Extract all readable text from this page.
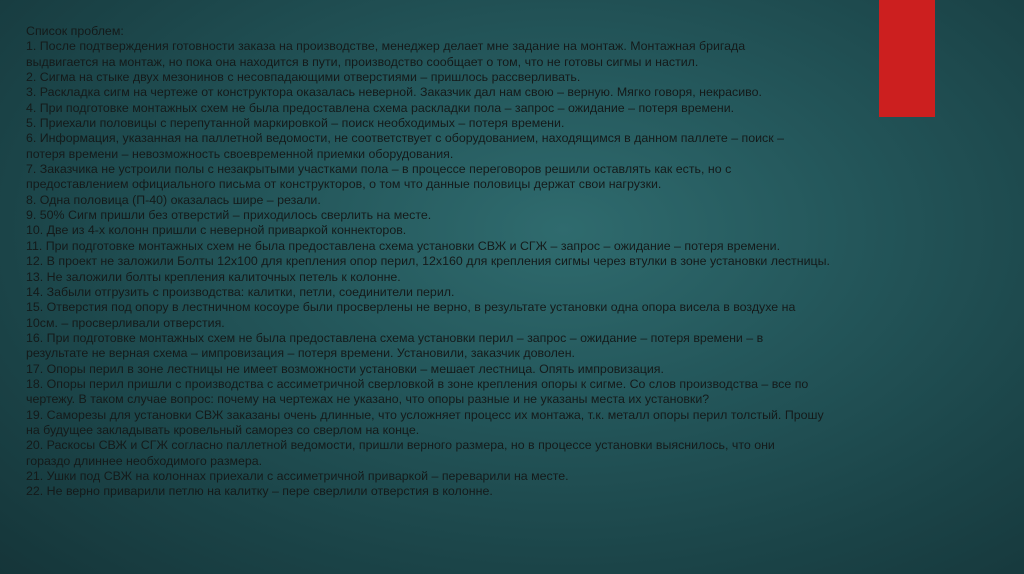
Список проблем:
1. После подтверждения готовности заказа на производстве, менеджер делает мне задание на монтаж. Монтажная бригада
выдвигается на монтаж, но пока она находится в пути, производство сообщает о том, что не готовы сигмы и настил.
2. Сигма на стыке двух мезонинов с несовпадающими отверстиями – пришлось рассверливать.
3. Раскладка сигм на чертеже от конструктора оказалась неверной. Заказчик дал нам свою – верную. Мягко говоря, некрасиво.
4. При подготовке монтажных схем не была предоставлена схема раскладки пола – запрос – ожидание – потеря времени.
5. Приехали половицы с перепутанной маркировкой – поиск необходимых – потеря времени.
6. Информация, указанная на паллетной ведомости, не соответствует с оборудованием, находящимся в данном паллете – поиск –
потеря времени – невозможность своевременной приемки оборудования.
7. Заказчика не устроили полы с незакрытыми участками пола – в процессе переговоров решили оставлять как есть, но с
предоставлением официального письма от конструкторов, о том что данные половицы держат свои нагрузки.
8. Одна половица (П-40) оказалась шире – резали.
9. 50% Сигм пришли без отверстий – приходилось сверлить на месте.
10. Две из 4-х колонн пришли с неверной приваркой коннекторов.
11. При подготовке монтажных схем не была предоставлена схема установки СВЖ и СГЖ – запрос – ожидание – потеря времени.
12. В проект не заложили Болты 12х100 для крепления опор перил, 12х160 для крепления сигмы через втулки в зоне установки лестницы.
13. Не заложили болты крепления калиточных петель к колонне.
14. Забыли отгрузить с производства: калитки, петли, соединители перил.
15. Отверстия под опору в лестничном косоуре были просверлены не верно, в результате установки одна опора висела в воздухе на
10см. – просверливали отверстия.
16. При подготовке монтажных схем не была предоставлена схема установки перил – запрос – ожидание – потеря времени – в
результате не верная схема – импровизация – потеря времени. Установили, заказчик доволен.
17. Опоры перил в зоне лестницы не имеет возможности установки – мешает лестница. Опять импровизация.
18. Опоры перил пришли с производства с ассиметричной сверловкой в зоне крепления опоры к сигме. Со слов производства – все по
чертежу. В таком случае вопрос: почему на чертежах не указано, что опоры разные и не указаны места их установки?
19. Саморезы для установки СВЖ заказаны очень длинные, что усложняет процесс их монтажа, т.к. металл опоры перил толстый. Прошу
на будущее закладывать кровельный саморез со сверлом на конце.
20. Раскосы СВЖ и СГЖ согласно паллетной ведомости, пришли верного размера, но в процессе установки выяснилось, что они
гораздо длиннее необходимого размера.
21. Ушки под СВЖ на колоннах приехали с ассиметричной приваркой – переварили на месте.
22. Не верно приварили петлю на калитку – пере сверлили отверстия в колонне.
